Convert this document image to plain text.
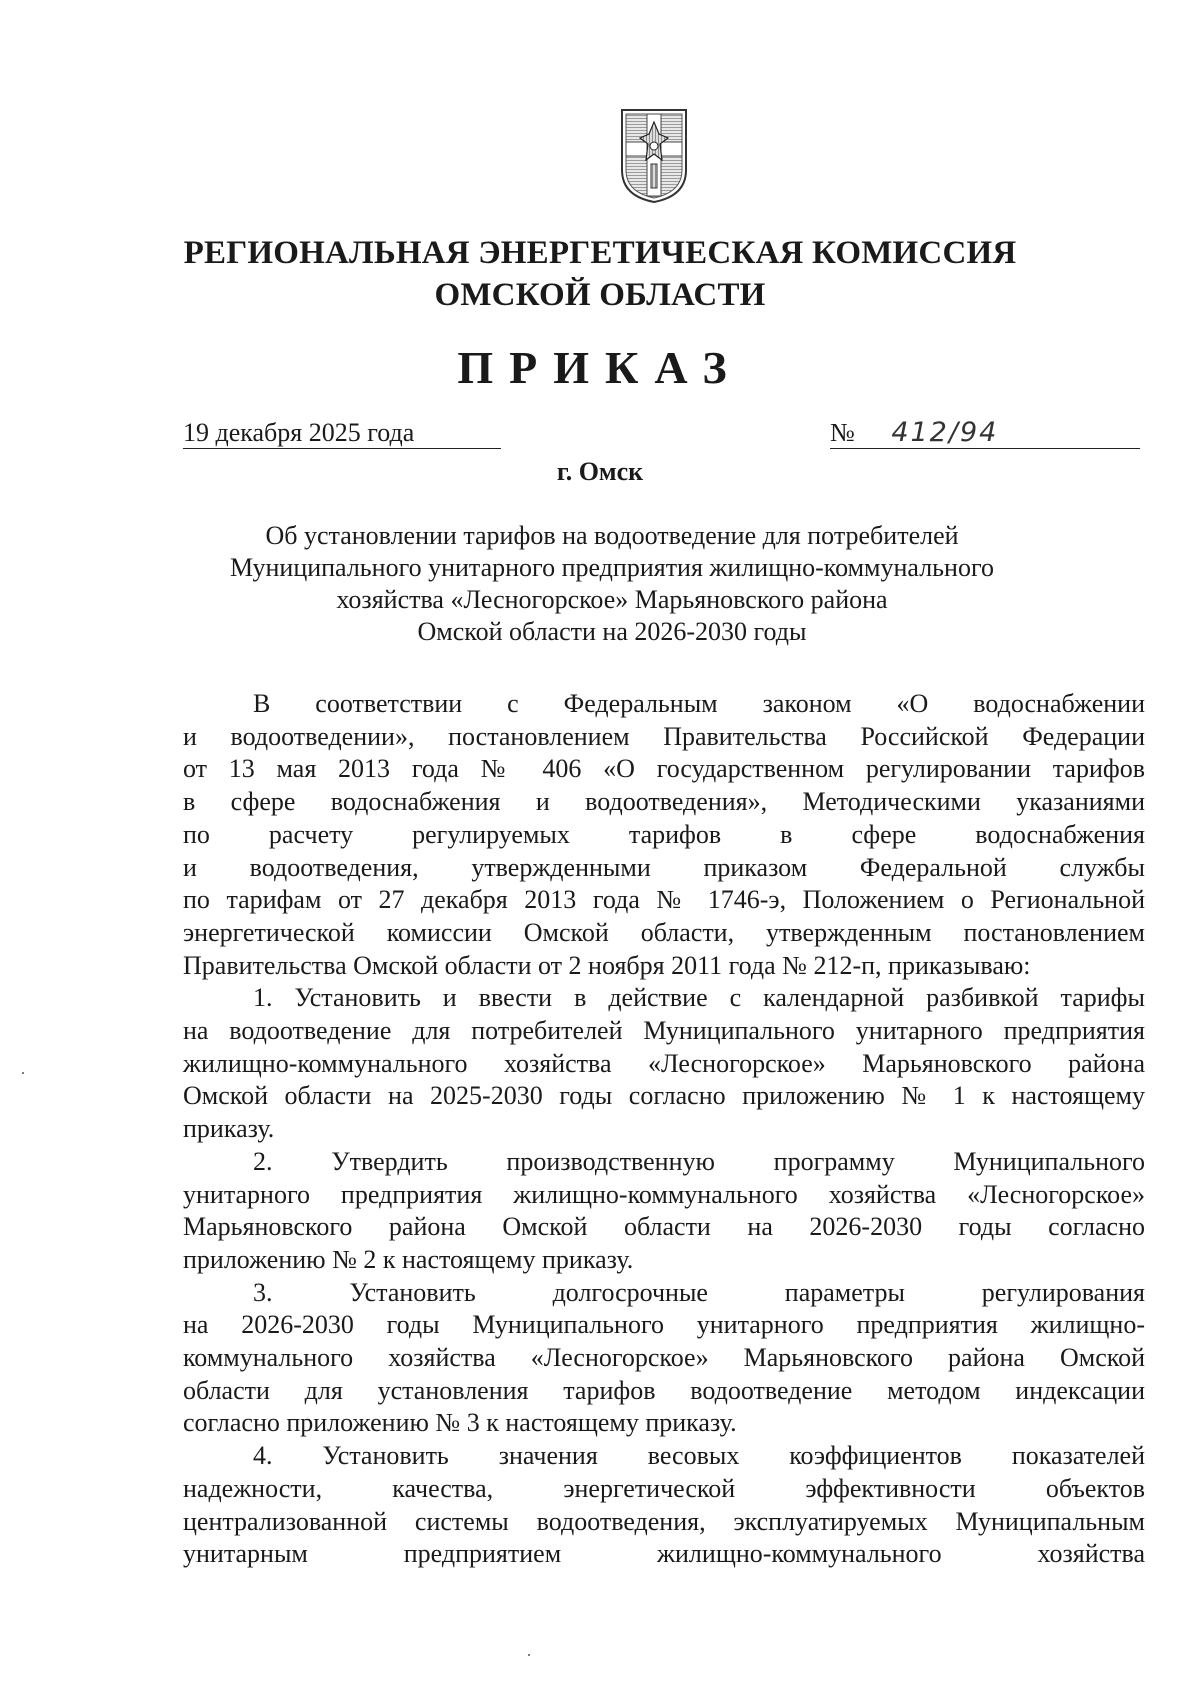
РЕГИОНАЛЬНАЯ ЭНЕРГЕТИЧЕСКАЯ КОМИССИЯ
ОМСКОЙ ОБЛАСТИ
ПРИКАЗ
19 декабря 2025 года	№ 412/94
г. Омск
Об установлении тарифов на водоотведение для потребителей
Муниципального унитарного предприятия жилищно-коммунального
хозяйства «Лесногорское» Марьяновского района
Омской области на 2026-2030 годы
В соответствии с Федеральным законом «О водоснабжении
и водоотведении», постановлением Правительства Российской Федерации
от 13 мая 2013 года № 406 «О государственном регулировании тарифов
в сфере водоснабжения и водоотведения», Методическими указаниями
по расчету регулируемых тарифов в сфере водоснабжения
и водоотведения, утвержденными приказом Федеральной службы
по тарифам от 27 декабря 2013 года № 1746-э, Положением о Региональной
энергетической комиссии Омской области, утвержденным постановлением
Правительства Омской области от 2 ноября 2011 года № 212-п, приказываю:
1. Установить и ввести в действие с календарной разбивкой тарифы
на водоотведение для потребителей Муниципального унитарного предприятия
жилищно-коммунального хозяйства «Лесногорское» Марьяновского района
Омской области на 2025-2030 годы согласно приложению № 1 к настоящему
приказу.
2. Утвердить производственную программу Муниципального
унитарного предприятия жилищно-коммунального хозяйства «Лесногорское»
Марьяновского района Омской области на 2026-2030 годы согласно
приложению № 2 к настоящему приказу.
3. Установить долгосрочные параметры регулирования
на 2026-2030 годы Муниципального унитарного предприятия жилищно-
коммунального хозяйства «Лесногорское» Марьяновского района Омской
области для установления тарифов водоотведение методом индексации
согласно приложению № 3 к настоящему приказу.
4. Установить значения весовых коэффициентов показателей
надежности, качества, энергетической эффективности объектов
централизованной системы водоотведения, эксплуатируемых Муниципальным
унитарным предприятием жилищно-коммунального хозяйства
